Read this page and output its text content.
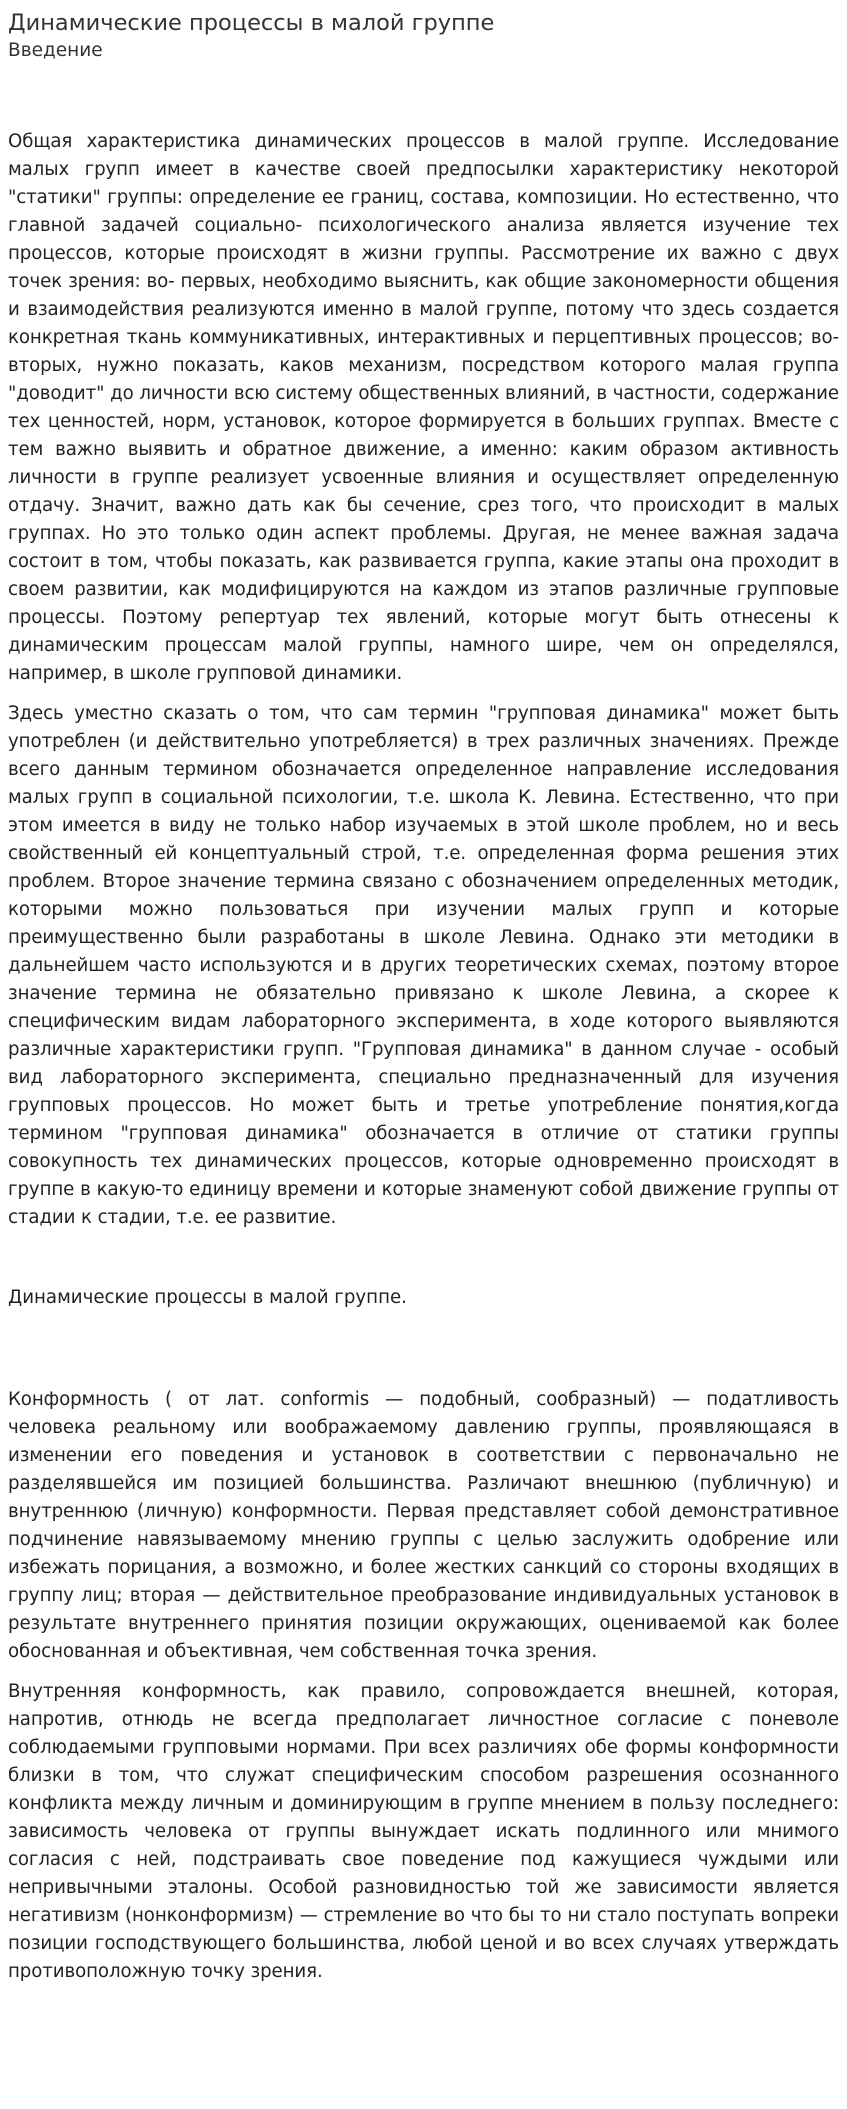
Динамические процессы в малой группе
Введение

Общая характеристика динамических процессов в малой группе. Исследование малых групп имеет в качестве своей предпосылки характеристику некоторой "статики" группы: определение ее границ, состава, композиции. Но естественно, что главной задачей социально- психологического анализа является изучение тех процессов, которые происходят в жизни группы. Рассмотрение их важно с двух точек зрения: во- первых, необходимо выяснить, как общие закономерности общения и взаимодействия реализуются именно в малой группе, потому что здесь создается конкретная ткань коммуникативных, интерактивных и перцептивных процессов; во-вторых, нужно показать, каков механизм, посредством которого малая группа "доводит" до личности всю систему общественных влияний, в частности, содержание тех ценностей, норм, установок, которое формируется в больших группах. Вместе с тем важно выявить и обратное движение, а именно: каким образом активность личности в группе реализует усвоенные влияния и осуществляет определенную отдачу. Значит, важно дать как бы сечение, срез того, что происходит в малых группах. Но это только один аспект проблемы. Другая, не менее важная задача состоит в том, чтобы показать, как развивается группа, какие этапы она проходит в своем развитии, как модифицируются на каждом из этапов различные групповые процессы. Поэтому репертуар тех явлений, которые могут быть отнесены к динамическим процессам малой группы, намного шире, чем он определялся, например, в школе групповой динамики.

Здесь уместно сказать о том, что сам термин "групповая динамика" может быть употреблен (и действительно употребляется) в трех различных значениях. Прежде всего данным термином обозначается определенное направление исследования малых групп в социальной психологии, т.е. школа К. Левина. Естественно, что при этом имеется в виду не только набор изучаемых в этой школе проблем, но и весь свойственный ей концептуальный строй, т.е. определенная форма решения этих проблем. Второе значение термина связано с обозначением определенных методик, которыми можно пользоваться при изучении малых групп и которые преимущественно были разработаны в школе Левина. Однако эти методики в дальнейшем часто используются и в других теоретических схемах, поэтому второе значение термина не обязательно привязано к школе Левина, а скорее к специфическим видам лабораторного эксперимента, в ходе которого выявляются различные характеристики групп. "Групповая динамика" в данном случае - особый вид лабораторного эксперимента, специально предназначенный для изучения групповых процессов. Но может быть и третье употребление понятия,когда термином "групповая динамика" обозначается в отличие от статики группы совокупность тех динамических процессов, которые одновременно происходят в группе в какую-то единицу времени и которые знаменуют собой движение группы от стадии к стадии, т.е. ее развитие.

Динамические процессы в малой группе.

Конформность ( от лат. conformis — подобный, сообразный) — податливость человека реальному или воображаемому давлению группы, проявляющаяся в изменении его поведения и установок в соответствии с первоначально не разделявшейся им позицией большинства. Различают внешнюю (публичную) и внутреннюю (личную) конформности. Первая представляет собой демонстративное подчинение навязываемому мнению группы с целью заслужить одобрение или избежать порицания, а возможно, и более жестких санкций со стороны входящих в группу лиц; вторая — действительное преобразование индивидуальных установок в результате внутреннего принятия позиции окружающих, оцениваемой как более обоснованная и объективная, чем собственная точка зрения.

Внутренняя конформность, как правило, сопровождается внешней, которая, напротив, отнюдь не всегда предполагает личностное согласие с поневоле соблюдаемыми групповыми нормами. При всех различиях обе формы конформности близки в том, что служат специфическим способом разрешения осознанного конфликта между личным и доминирующим в группе мнением в пользу последнего: зависимость человека от группы вынуждает искать подлинного или мнимого согласия с ней, подстраивать свое поведение под кажущиеся чуждыми или непривычными эталоны. Особой разновидностью той же зависимости является негативизм (нонконформизм) — стремление во что бы то ни стало поступать вопреки позиции господствующего большинства, любой ценой и во всех случаях утверждать противоположную точку зрения.
